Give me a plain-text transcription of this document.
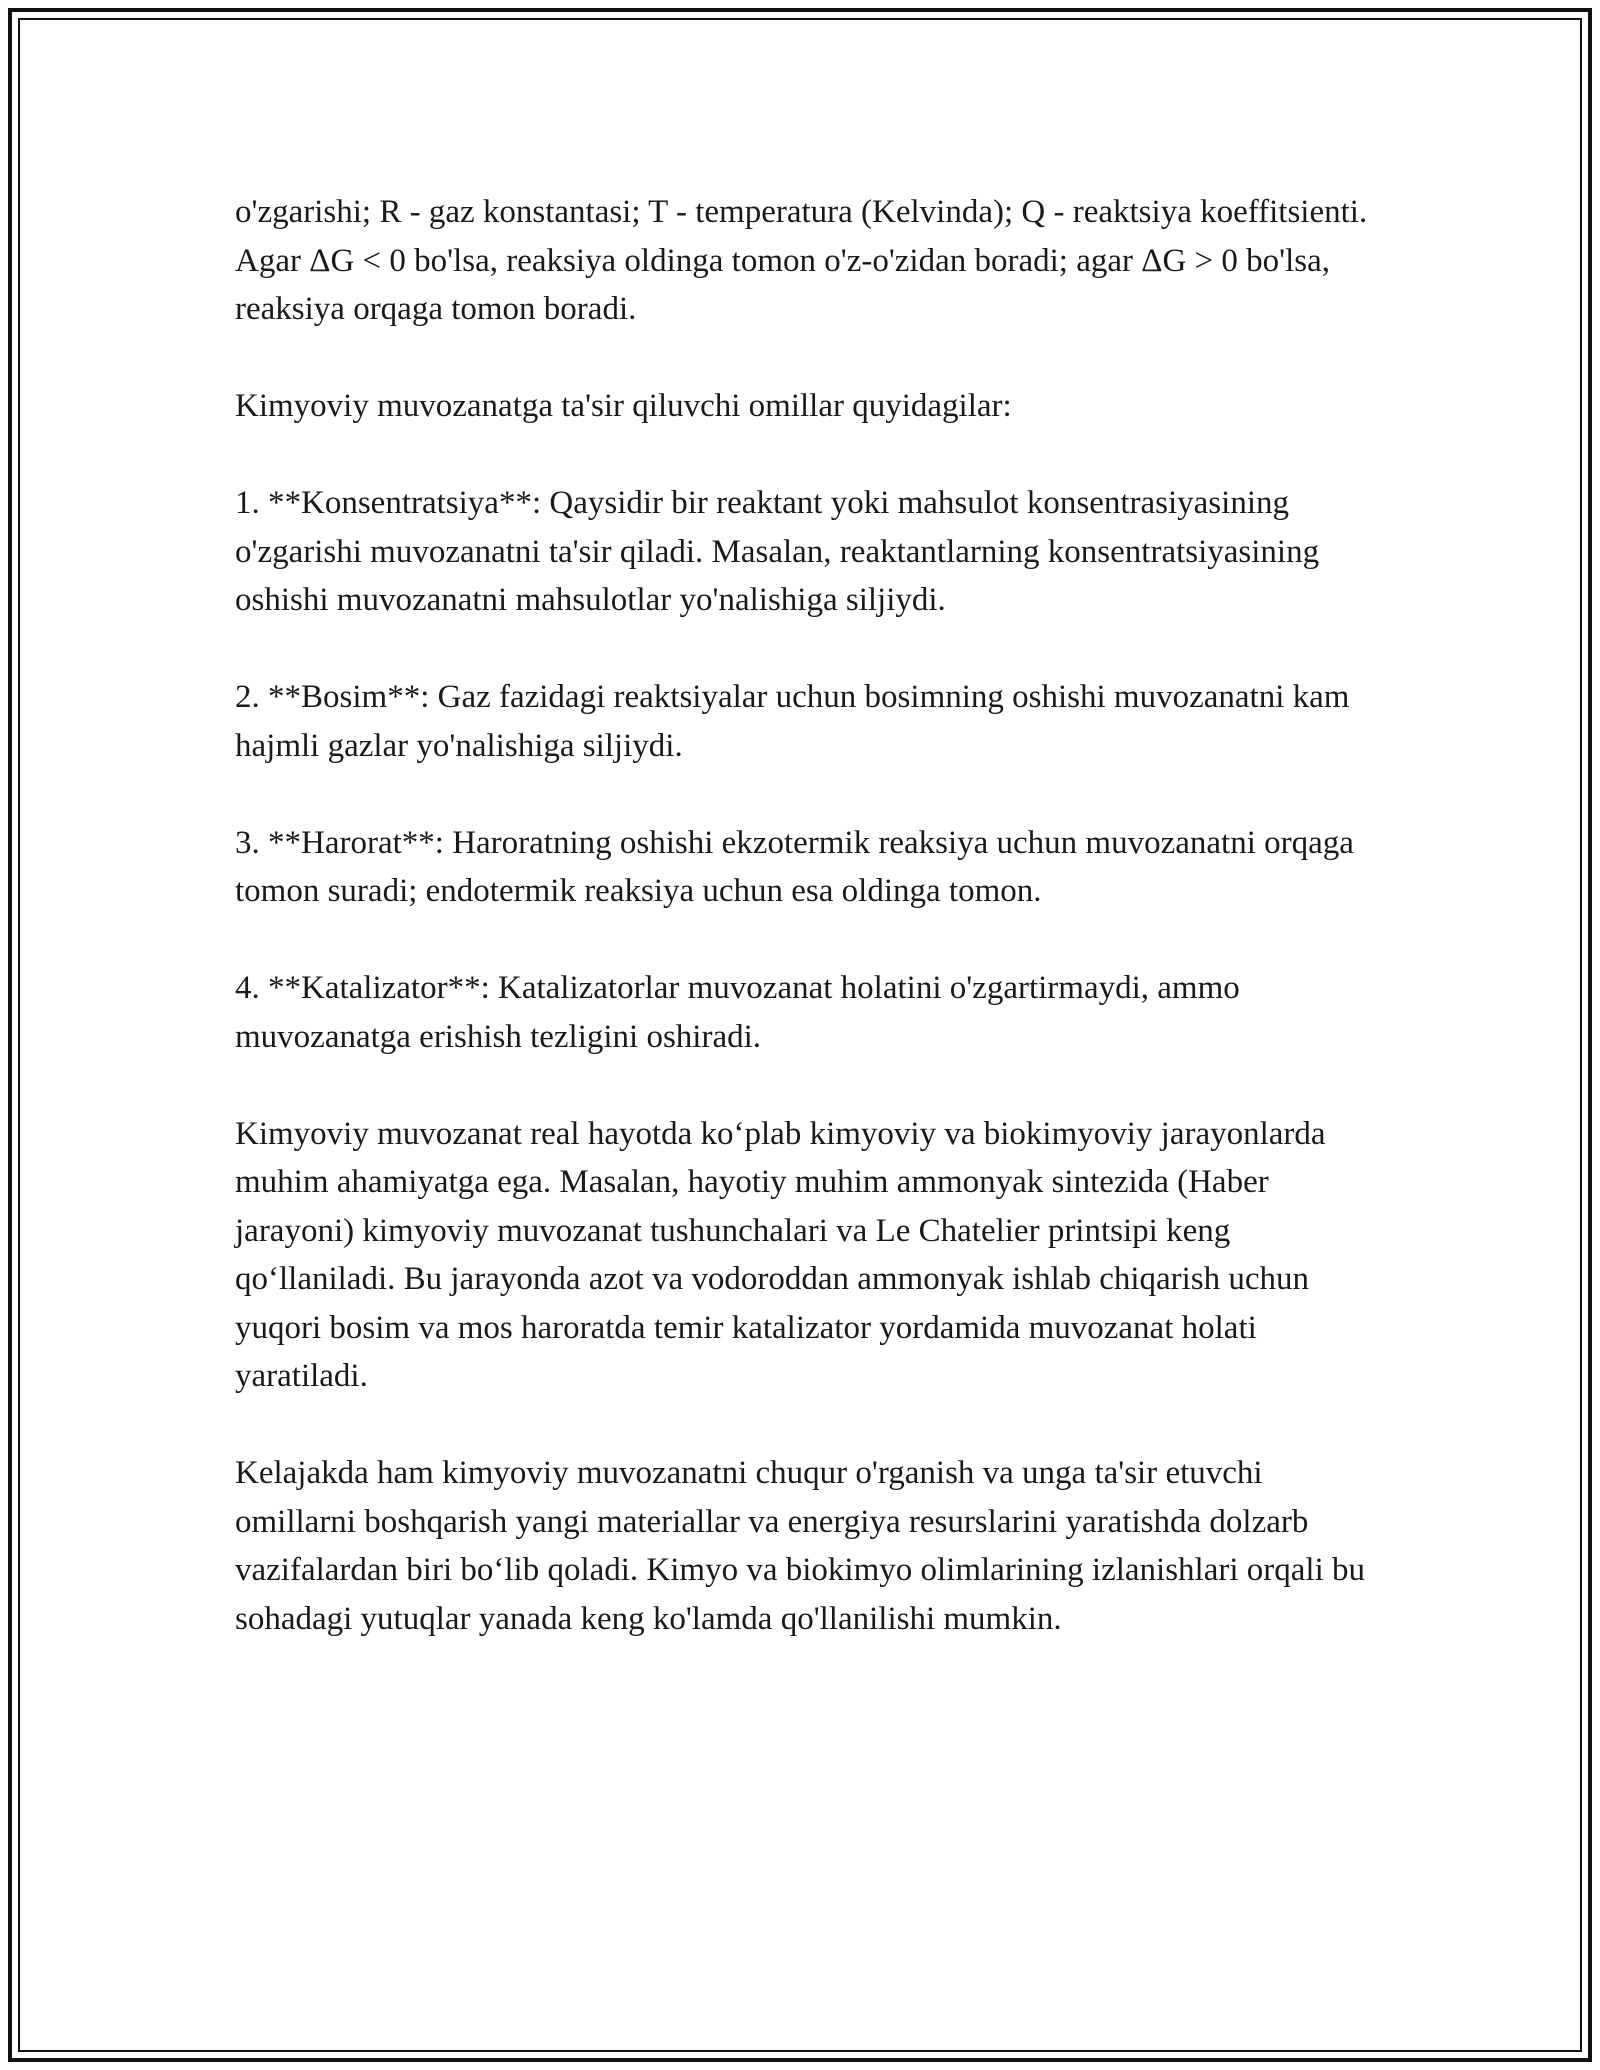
o'zgarishi; R - gaz konstantasi; T - temperatura (Kelvinda); Q - reaktsiya koeffitsienti. Agar ΔG < 0 bo'lsa, reaksiya oldinga tomon o'z-o'zidan boradi; agar ΔG > 0 bo'lsa, reaksiya orqaga tomon boradi.

Kimyoviy muvozanatga ta'sir qiluvchi omillar quyidagilar:

1. **Konsentratsiya**: Qaysidir bir reaktant yoki mahsulot konsentrasiyasining o'zgarishi muvozanatni ta'sir qiladi. Masalan, reaktantlarning konsentratsiyasining oshishi muvozanatni mahsulotlar yo'nalishiga siljiydi.

2. **Bosim**: Gaz fazidagi reaktsiyalar uchun bosimning oshishi muvozanatni kam hajmli gazlar yo'nalishiga siljiydi.

3. **Harorat**: Haroratning oshishi ekzotermik reaksiya uchun muvozanatni orqaga tomon suradi; endotermik reaksiya uchun esa oldinga tomon.

4. **Katalizator**: Katalizatorlar muvozanat holatini o'zgartirmaydi, ammo muvozanatga erishish tezligini oshiradi.

Kimyoviy muvozanat real hayotda ko‘plab kimyoviy va biokimyoviy jarayonlarda muhim ahamiyatga ega. Masalan, hayotiy muhim ammonyak sintezida (Haber jarayoni) kimyoviy muvozanat tushunchalari va Le Chatelier printsipi keng qo‘llaniladi. Bu jarayonda azot va vodoroddan ammonyak ishlab chiqarish uchun yuqori bosim va mos haroratda temir katalizator yordamida muvozanat holati yaratiladi.

Kelajakda ham kimyoviy muvozanatni chuqur o'rganish va unga ta'sir etuvchi omillarni boshqarish yangi materiallar va energiya resurslarini yaratishda dolzarb vazifalardan biri bo‘lib qoladi. Kimyo va biokimyo olimlarining izlanishlari orqali bu sohadagi yutuqlar yanada keng ko'lamda qo'llanilishi mumkin.
